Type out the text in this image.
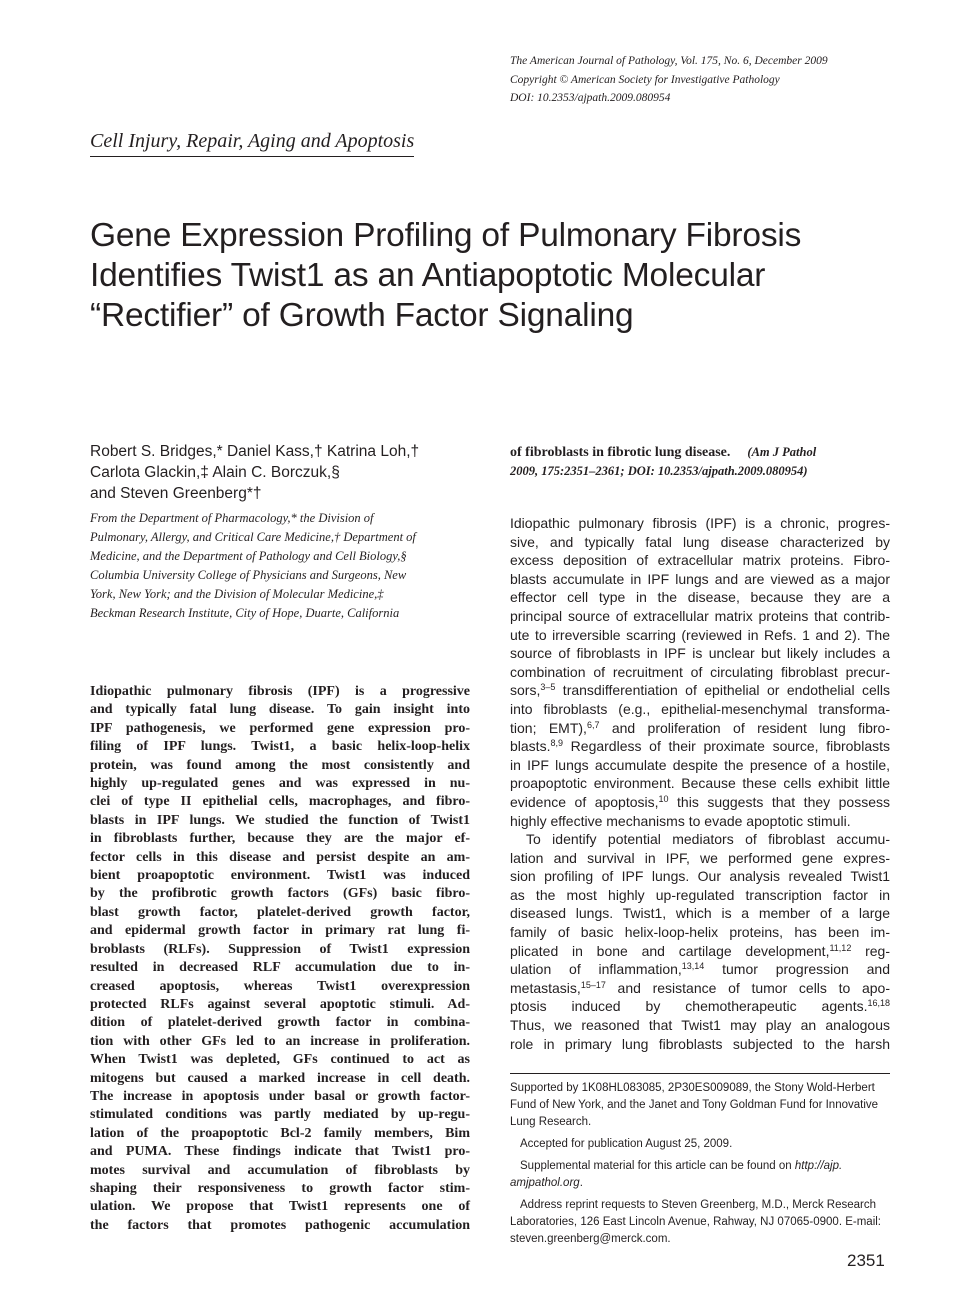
The American Journal of Pathology, Vol. 175, No. 6, December 2009
Copyright © American Society for Investigative Pathology
DOI: 10.2353/ajpath.2009.080954
Cell Injury, Repair, Aging and Apoptosis
Gene Expression Profiling of Pulmonary Fibrosis
Identifies Twist1 as an Antiapoptotic Molecular
“Rectifier” of Growth Factor Signaling
Robert S. Bridges,* Daniel Kass,† Katrina Loh,†
Carlota Glackin,‡ Alain C. Borczuk,§
and Steven Greenberg*†
From the Department of Pharmacology,* the Division of
Pulmonary, Allergy, and Critical Care Medicine,† Department of
Medicine, and the Department of Pathology and Cell Biology,§
Columbia University College of Physicians and Surgeons, New
York, New York; and the Division of Molecular Medicine,‡
Beckman Research Institute, City of Hope, Duarte, California
Idiopathic pulmonary fibrosis (IPF) is a progressive
and typically fatal lung disease. To gain insight into
IPF pathogenesis, we performed gene expression pro-
filing of IPF lungs. Twist1, a basic helix-loop-helix
protein, was found among the most consistently and
highly up-regulated genes and was expressed in nu-
clei of type II epithelial cells, macrophages, and fibro-
blasts in IPF lungs. We studied the function of Twist1
in fibroblasts further, because they are the major ef-
fector cells in this disease and persist despite an am-
bient proapoptotic environment. Twist1 was induced
by the profibrotic growth factors (GFs) basic fibro-
blast growth factor, platelet-derived growth factor,
and epidermal growth factor in primary rat lung fi-
broblasts (RLFs). Suppression of Twist1 expression
resulted in decreased RLF accumulation due to in-
creased apoptosis, whereas Twist1 overexpression
protected RLFs against several apoptotic stimuli. Ad-
dition of platelet-derived growth factor in combina-
tion with other GFs led to an increase in proliferation.
When Twist1 was depleted, GFs continued to act as
mitogens but caused a marked increase in cell death.
The increase in apoptosis under basal or growth factor-
stimulated conditions was partly mediated by up-regu-
lation of the proapoptotic Bcl-2 family members, Bim
and PUMA. These findings indicate that Twist1 pro-
motes survival and accumulation of fibroblasts by
shaping their responsiveness to growth factor stim-
ulation. We propose that Twist1 represents one of
the factors that promotes pathogenic accumulation
of fibroblasts in fibrotic lung disease. (Am J Pathol
2009, 175:2351–2361; DOI: 10.2353/ajpath.2009.080954)
Idiopathic pulmonary fibrosis (IPF) is a chronic, progres-
sive, and typically fatal lung disease characterized by
excess deposition of extracellular matrix proteins. Fibro-
blasts accumulate in IPF lungs and are viewed as a major
effector cell type in the disease, because they are a
principal source of extracellular matrix proteins that contrib-
ute to irreversible scarring (reviewed in Refs. 1 and 2). The
source of fibroblasts in IPF is unclear but likely includes a
combination of recruitment of circulating fibroblast precur-
sors,$^{3-5}$ transdifferentiation of epithelial or endothelial cells
into fibroblasts (e.g., epithelial-mesenchymal transforma-
tion; EMT),$^{6,7}$ and proliferation of resident lung fibro-
blasts.$^{8,9}$ Regardless of their proximate source, fibroblasts
in IPF lungs accumulate despite the presence of a hostile,
proapoptotic environment. Because these cells exhibit little
evidence of apoptosis,$^{10}$ this suggests that they possess
highly effective mechanisms to evade apoptotic stimuli.
To identify potential mediators of fibroblast accumu-
lation and survival in IPF, we performed gene expres-
sion profiling of IPF lungs. Our analysis revealed Twist1
as the most highly up-regulated transcription factor in
diseased lungs. Twist1, which is a member of a large
family of basic helix-loop-helix proteins, has been im-
plicated in bone and cartilage development,$^{11,12}$ reg-
ulation of inflammation,$^{13,14}$ tumor progression and
metastasis,$^{15-17}$ and resistance of tumor cells to apo-
ptosis induced by chemotherapeutic agents.$^{16,18}$
Thus, we reasoned that Twist1 may play an analogous
role in primary lung fibroblasts subjected to the harsh
Supported by 1K08HL083085, 2P30ES009089, the Stony Wold-Herbert
Fund of New York, and the Janet and Tony Goldman Fund for Innovative
Lung Research.
Accepted for publication August 25, 2009.
Supplemental material for this article can be found on http://ajp.
amjpathol.org.
Address reprint requests to Steven Greenberg, M.D., Merck Research
Laboratories, 126 East Lincoln Avenue, Rahway, NJ 07065-0900. E-mail:
steven.greenberg@merck.com.
2351
